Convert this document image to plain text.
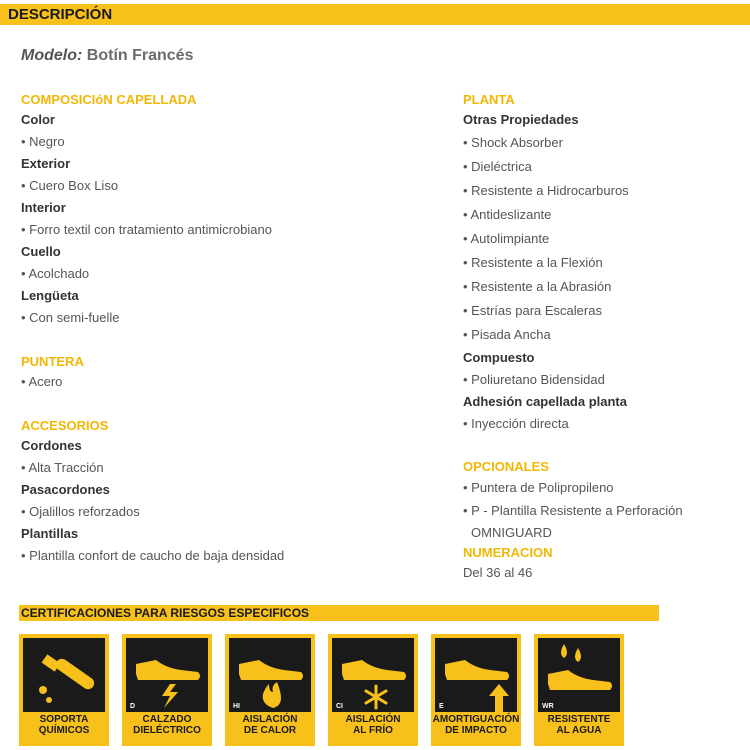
DESCRIPCIÓN
Modelo: Botín Francés
COMPOSICIóN CAPELLADA
Color
• Negro
Exterior
• Cuero Box Liso
Interior
• Forro textil con tratamiento antimicrobiano
Cuello
• Acolchado
Lengüeta
• Con semi-fuelle
PUNTERA
• Acero
ACCESORIOS
Cordones
• Alta Tracción
Pasacordones
• Ojalillos reforzados
Plantillas
• Plantilla confort de caucho de baja densidad
PLANTA
Otras Propiedades
• Shock Absorber
• Dieléctrica
• Resistente a Hidrocarburos
• Antideslizante
• Autolimpiante
• Resistente a la Flexión
• Resistente a la Abrasión
• Estrías para Escaleras
• Pisada Ancha
Compuesto
• Poliuretano Bidensidad
Adhesión capellada planta
• Inyección directa
OPCIONALES
• Puntera de Polipropileno
• P - Plantilla Resistente a Perforación
OMNIGUARD
NUMERACION
Del 36 al 46
CERTIFICACIONES PARA RIESGOS ESPECIFICOS
SOPORTA
QUÍMICOS
D
CALZADO
DIELÉCTRICO
HI
AISLACIÓN
DE CALOR
CI
AISLACIÓN
AL FRÍO
E
AMORTIGUACIÓN
DE IMPACTO
WR
RESISTENTE
AL AGUA
